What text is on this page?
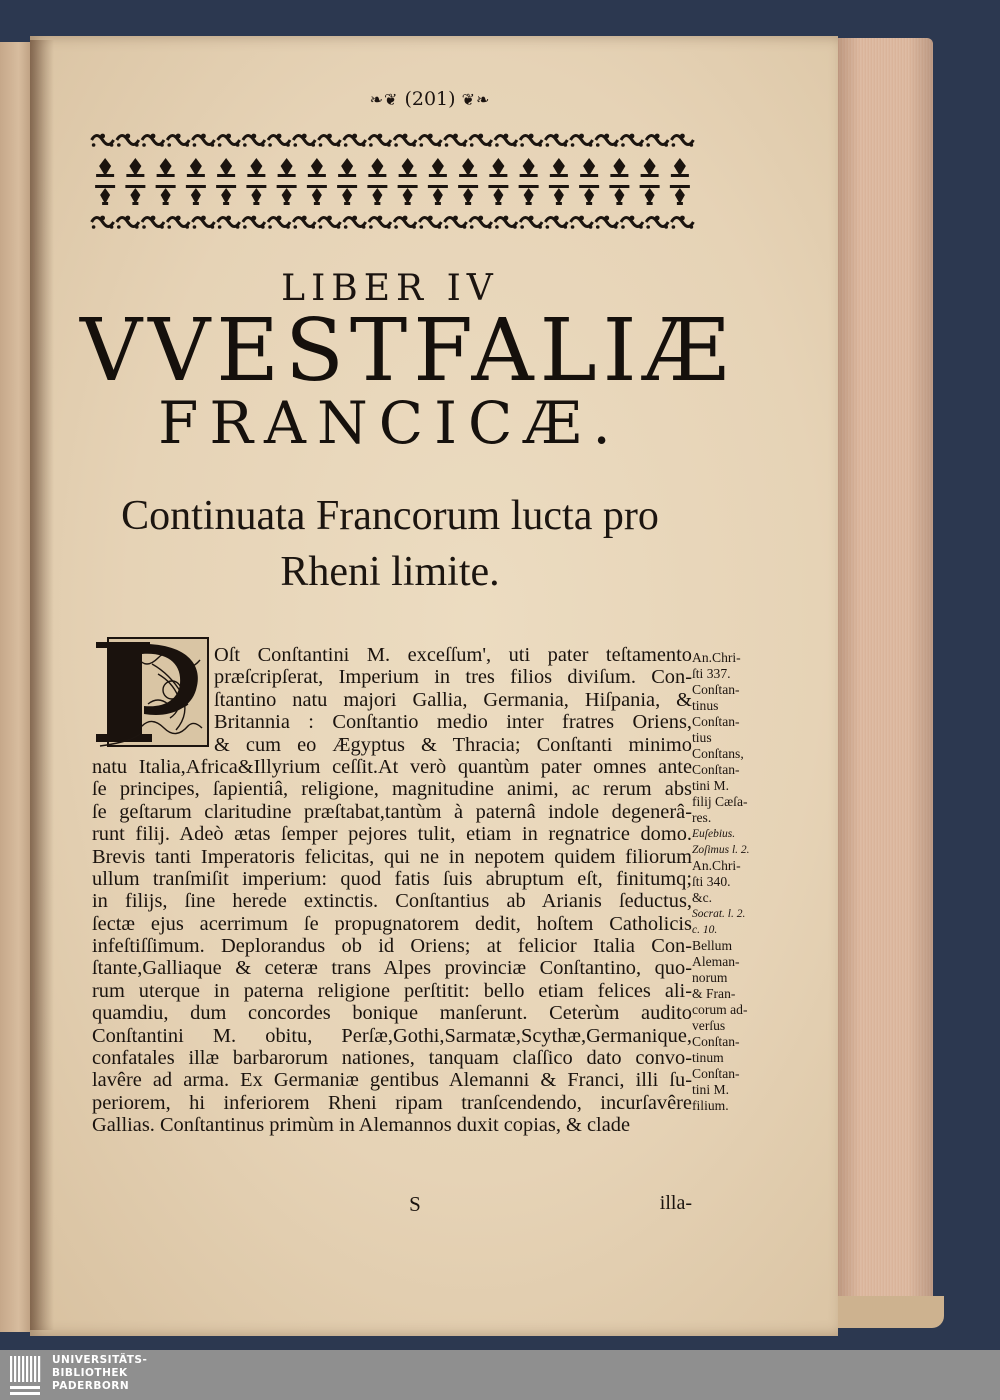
❧❦ (201) ❦❧
LIBER IV
VVESTFALIÆ
FRANCICÆ.
Continuata Francorum lucta pro
Rheni limite.
Oſt Conſtantini M. exceſſum', uti pater teſtamento
præſcripſerat, Imperium in tres filios diviſum. Con-
ſtantino natu majori Gallia, Germania, Hiſpania, &
Britannia : Conſtantio medio inter fratres Oriens,
& cum eo Ægyptus & Thracia; Conſtanti minimo
natu Italia,Africa&Illyrium ceſſit.At verò quantùm pater omnes ante
ſe principes, ſapientiâ, religione, magnitudine animi, ac rerum abs
ſe geſtarum claritudine præſtabat,tantùm à paternâ indole degenerâ-
runt filij. Adeò ætas ſemper pejores tulit, etiam in regnatrice domo.
Brevis tanti Imperatoris felicitas, qui ne in nepotem quidem filiorum
ullum tranſmiſit imperium: quod fatis ſuis abruptum eſt, finitumq;
in filijs, ſine herede extinctis. Conſtantius ab Arianis ſeductus,
ſectæ ejus acerrimum ſe propugnatorem dedit, hoſtem Catholicis
infeſtiſſimum. Deplorandus ob id Oriens; at felicior Italia Con-
ſtante,Galliaque & ceteræ trans Alpes provinciæ Conſtantino, quo-
rum uterque in paterna religione perſtitit: bello etiam felices ali-
quamdiu, dum concordes bonique manſerunt. Ceterùm audito
Conſtantini M. obitu, Perſæ,Gothi,Sarmatæ,Scythæ,Germanique,
confatales illæ barbarorum nationes, tanquam claſſico dato convo-
lavêre ad arma. Ex Germaniæ gentibus Alemanni & Franci, illi ſu-
periorem, hi inferiorem Rheni ripam tranſcendendo, incurſavêre
Gallias. Conſtantinus primùm in Alemannos duxit copias, & clade
An.Chri-
ſti 337.
Conſtan-
tinus
Conſtan-
tius
Conſtans,
Conſtan-
tini M.
filij Cæſa-
res.
Euſebius.
Zoſimus l. 2.
An.Chri-
ſti 340.
&c.
Socrat. l. 2.
c. 10.
Bellum
Aleman-
norum
& Fran-
corum ad-
verſus
Conſtan-
tinum
Conſtan-
tini M.
filium.
S	illa-
UNIVERSITÄTS-
BIBLIOTHEK
PADERBORN
